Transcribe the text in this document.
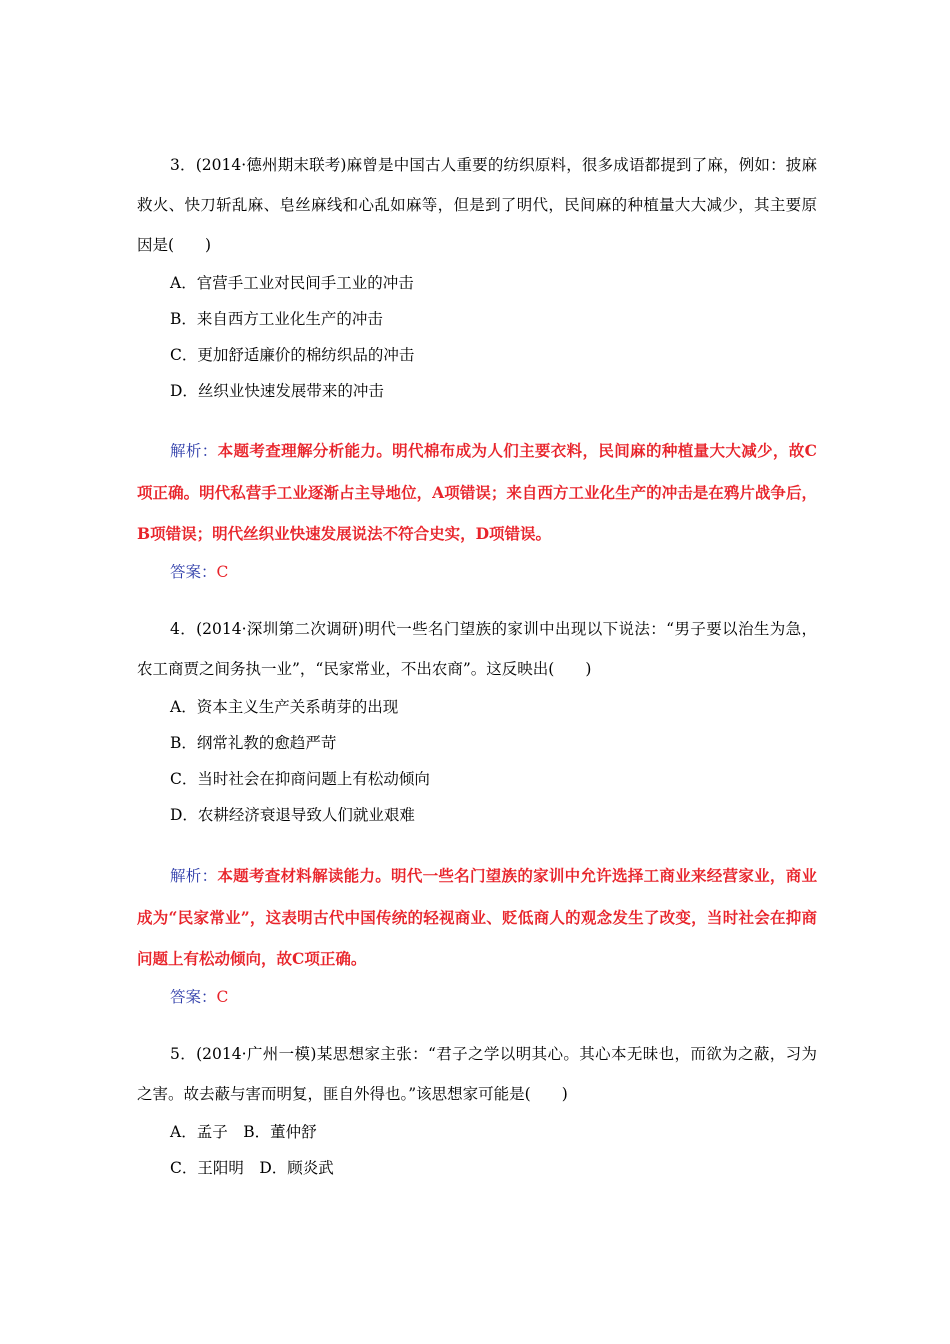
3．(2014·德州期末联考)麻曾是中国古人重要的纺织原料，很多成语都提到了麻，例如：披麻救火、快刀斩乱麻、皂丝麻线和心乱如麻等，但是到了明代，民间麻的种植量大大减少，其主要原因是(　　)

A．官营手工业对民间手工业的冲击

B．来自西方工业化生产的冲击

C．更加舒适廉价的棉纺织品的冲击

D．丝织业快速发展带来的冲击

解析：本题考查理解分析能力。明代棉布成为人们主要衣料，民间麻的种植量大大减少，故C项正确。明代私营手工业逐渐占主导地位，A项错误；来自西方工业化生产的冲击是在鸦片战争后，B项错误；明代丝织业快速发展说法不符合史实，D项错误。

答案：C

4．(2014·深圳第二次调研)明代一些名门望族的家训中出现以下说法：“男子要以治生为急，农工商贾之间务执一业”，“民家常业，不出农商”。这反映出(　　)

A．资本主义生产关系萌芽的出现

B．纲常礼教的愈趋严苛

C．当时社会在抑商问题上有松动倾向

D．农耕经济衰退导致人们就业艰难

解析：本题考查材料解读能力。明代一些名门望族的家训中允许选择工商业来经营家业，商业成为“民家常业”，这表明古代中国传统的轻视商业、贬低商人的观念发生了改变，当时社会在抑商问题上有松动倾向，故C项正确。

答案：C

5．(2014·广州一模)某思想家主张：“君子之学以明其心。其心本无昧也，而欲为之蔽，习为之害。故去蔽与害而明复，匪自外得也。”该思想家可能是(　　)

A．孟子　B．董仲舒

C．王阳明　D．顾炎武
